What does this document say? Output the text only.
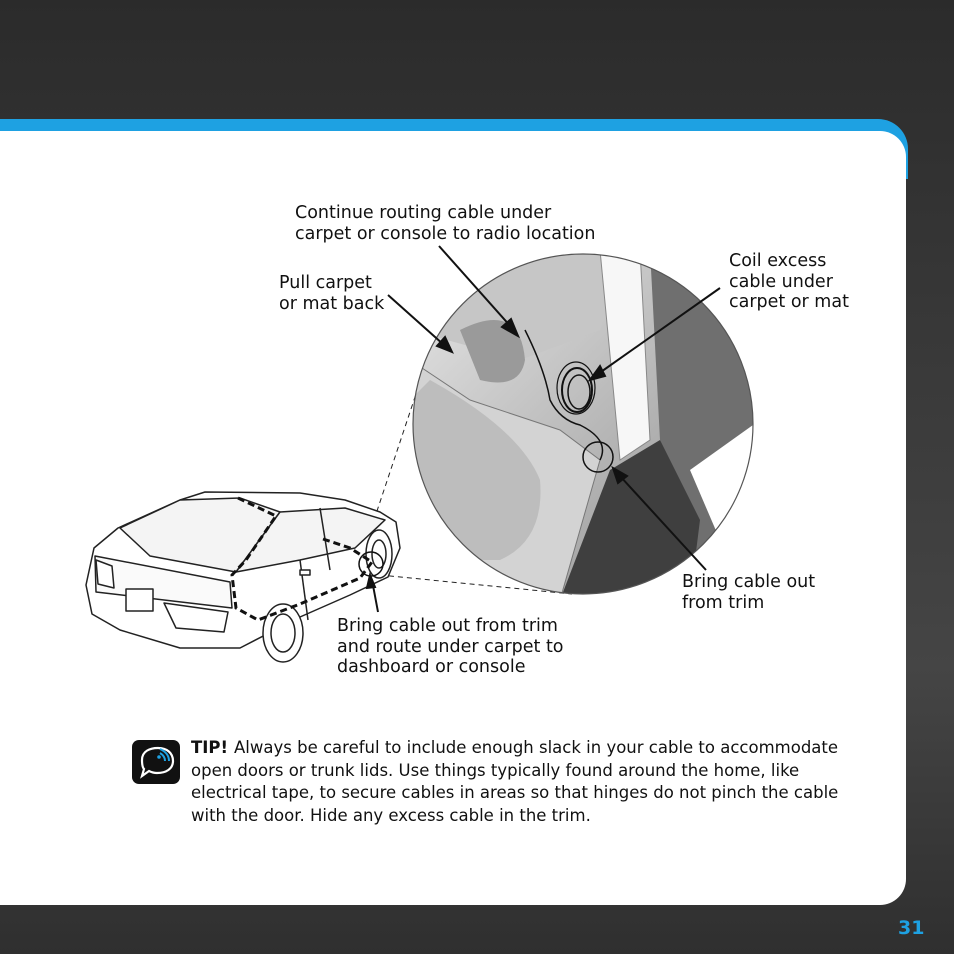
Continue routing cable under
carpet or console to radio location

Pull carpet
or mat back

Coil excess
cable under
carpet or mat

Bring cable out
from trim

Bring cable out from trim
and route under carpet to
dashboard or console

TIP! Always be careful to include enough slack in your cable to accommodate open doors or trunk lids. Use things typically found around the home, like electrical tape, to secure cables in areas so that hinges do not pinch the cable with the door. Hide any excess cable in the trim.

31
